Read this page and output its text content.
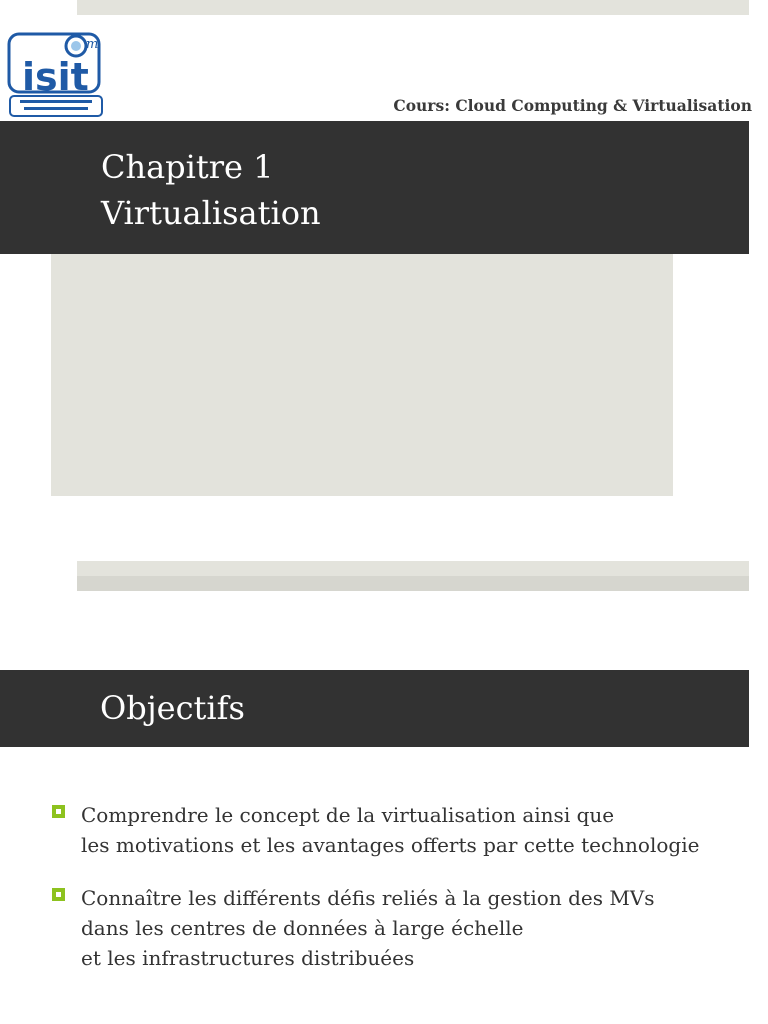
m
isit
Cours: Cloud Computing & Virtualisation
Chapitre 1
Virtualisation
Objectifs
Comprendre le concept de la virtualisation ainsi que
les motivations et les avantages offerts par cette technologie
Connaître les différents défis reliés à la gestion des MVs
dans les centres de données à large échelle
et les infrastructures distribuées
